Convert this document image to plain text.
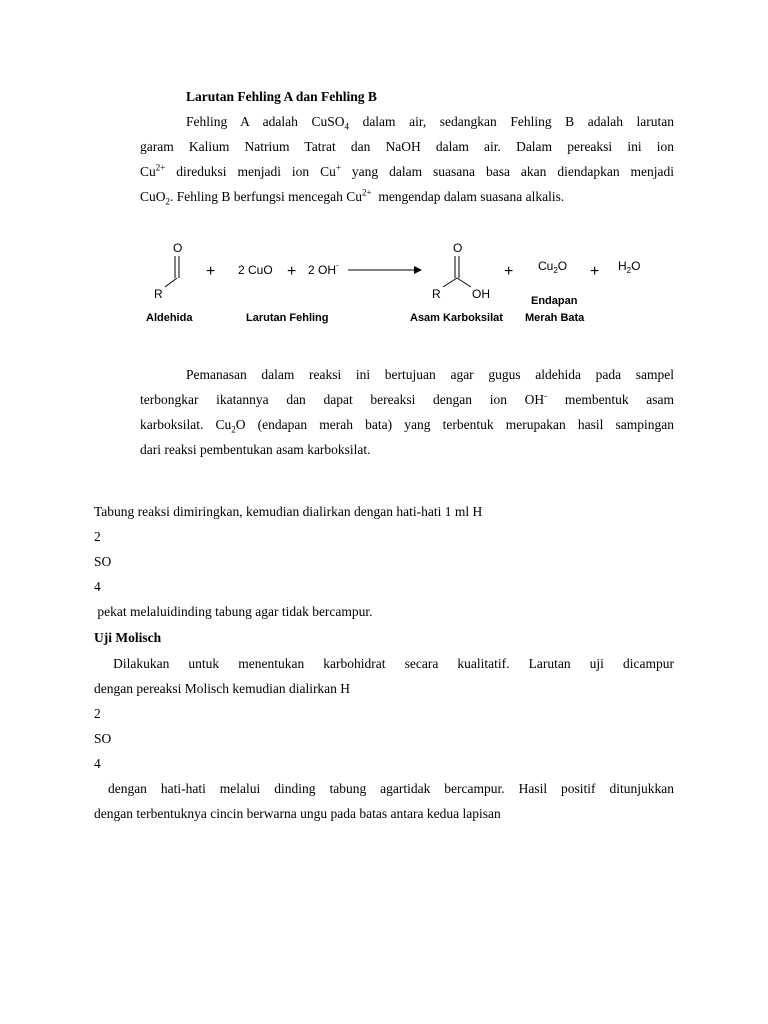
Larutan Fehling A dan Fehling B
Fehling A adalah CuSO$_4$ dalam air, sedangkan Fehling B adalah larutan
garam Kalium Natrium Tatrat dan NaOH dalam air. Dalam pereaksi ini ion
$Cu^{2+}$ direduksi menjadi ion Cu+ yang dalam suasana basa akan diendapkan menjadi
CuO$_2$. Fehling B berfungsi mencegah $Cu^{2+}$ mengendap dalam suasana alkalis.
O
R
+ 2 CuO + 2 OH-
O
R	OH
+ $Cu_2O + H_2O$
Aldehida	Larutan Fehling	Asam Karboksilat
Endapan
Merah Bata
Pemanasan dalam reaksi ini bertujuan agar gugus aldehida pada sampel
terbongkar ikatannya dan dapat bereaksi dengan ion OH- membentuk asam
karboksilat. $Cu_2O$ (endapan merah bata) yang terbentuk merupakan hasil sampingan
dari reaksi pembentukan asam karboksilat.
Tabung reaksi dimiringkan, kemudian dialirkan dengan hati-hati 1 ml H
2
SO
4
pekat melaluidinding tabung agar tidak bercampur.
Uji Molisch
Dilakukan untuk menentukan karbohidrat secara kualitatif. Larutan uji dicampur
dengan pereaksi Molisch kemudian dialirkan H
2
SO
4
dengan hati-hati melalui dinding tabung agartidak bercampur. Hasil positif ditunjukkan
dengan terbentuknya cincin berwarna ungu pada batas antara kedua lapisan
